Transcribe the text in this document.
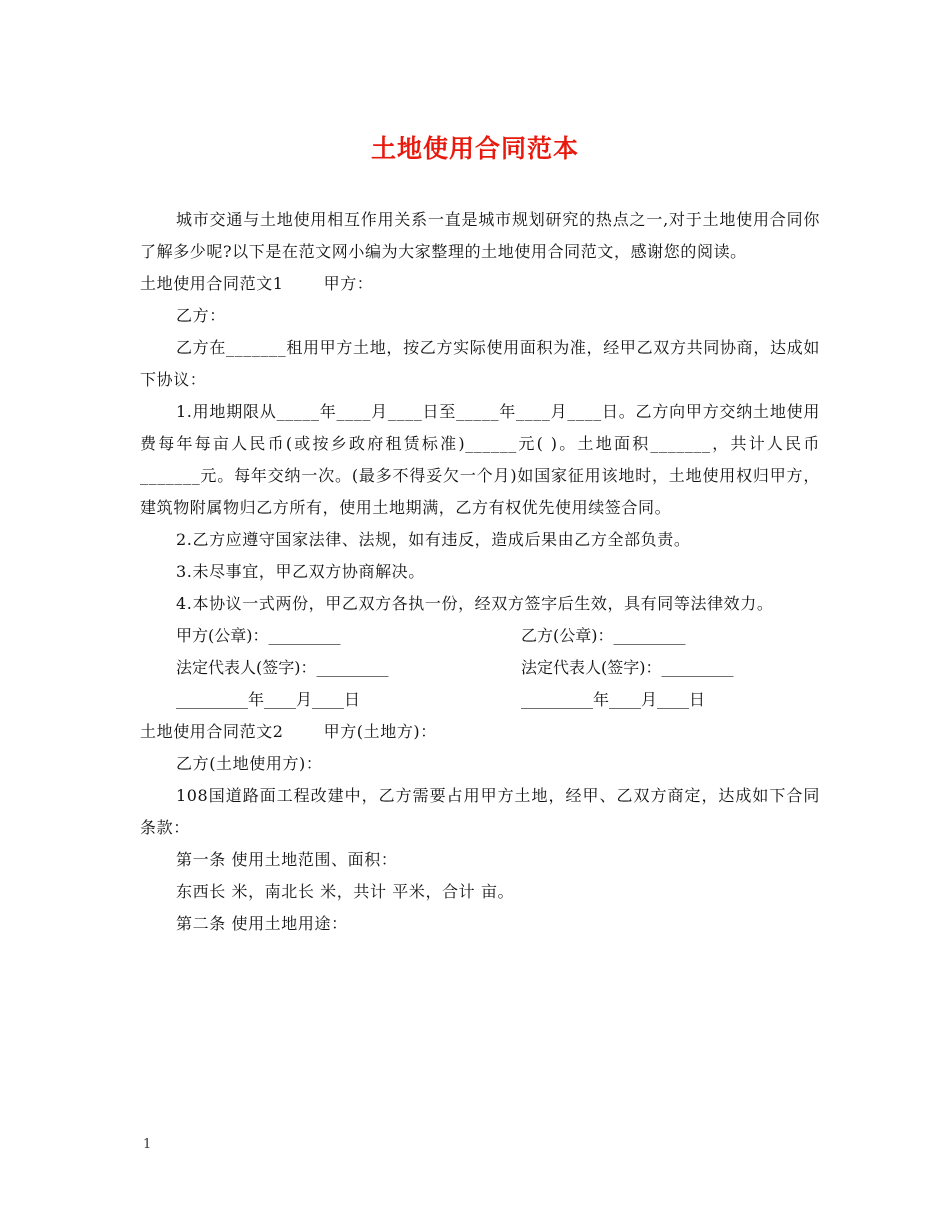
土地使用合同范本

城市交通与土地使用相互作用关系一直是城市规划研究的热点之一,对于土地使用合同你了解多少呢?以下是在范文网小编为大家整理的土地使用合同范文，感谢您的阅读。

土地使用合同范文1	甲方：

乙方：

乙方在_______租用甲方土地，按乙方实际使用面积为准，经甲乙双方共同协商，达成如下协议：

1.用地期限从_____年____月____日至_____年____月____日。乙方向甲方交纳土地使用费每年每亩人民币(或按乡政府租赁标准)______元( )。土地面积_______，共计人民币_______元。每年交纳一次。(最多不得妥欠一个月)如国家征用该地时，土地使用权归甲方，建筑物附属物归乙方所有，使用土地期满，乙方有权优先使用续签合同。

2.乙方应遵守国家法律、法规，如有违反，造成后果由乙方全部负责。

3.未尽事宜，甲乙双方协商解决。

4.本协议一式两份，甲乙双方各执一份，经双方签字后生效，具有同等法律效力。

甲方(公章)：_________	乙方(公章)：_________
法定代表人(签字)：_________	法定代表人(签字)：_________
_________年____月____日	_________年____月____日
土地使用合同范文2	甲方(土地方)：

乙方(土地使用方)：

108国道路面工程改建中，乙方需要占用甲方土地，经甲、乙双方商定，达成如下合同条款：

第一条 使用土地范围、面积：

东西长 米，南北长 米，共计 平米，合计 亩。

第二条 使用土地用途：

1
